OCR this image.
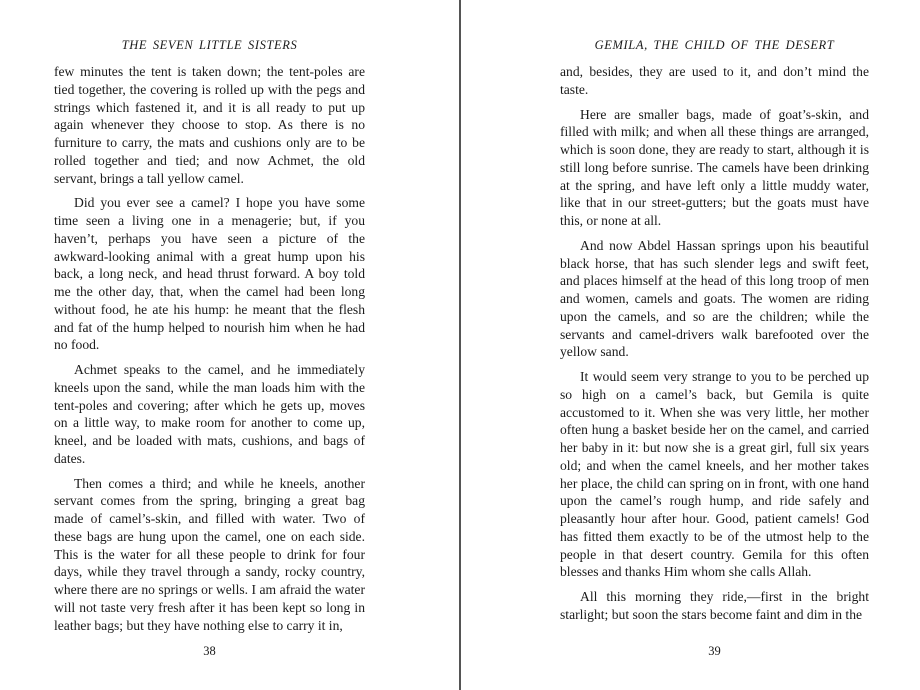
THE SEVEN LITTLE SISTERS

few minutes the tent is taken down; the tent-poles are tied together, the covering is rolled up with the pegs and strings which fastened it, and it is all ready to put up again whenever they choose to stop. As there is no furniture to carry, the mats and cushions only are to be rolled together and tied; and now Achmet, the old servant, brings a tall yellow camel.

Did you ever see a camel? I hope you have some time seen a living one in a menagerie; but, if you haven’t, perhaps you have seen a picture of the awkward-looking animal with a great hump upon his back, a long neck, and head thrust forward. A boy told me the other day, that, when the camel had been long without food, he ate his hump: he meant that the flesh and fat of the hump helped to nourish him when he had no food.

Achmet speaks to the camel, and he immediately kneels upon the sand, while the man loads him with the tent-poles and covering; after which he gets up, moves on a little way, to make room for another to come up, kneel, and be loaded with mats, cushions, and bags of dates.

Then comes a third; and while he kneels, another servant comes from the spring, bringing a great bag made of camel’s-skin, and filled with water. Two of these bags are hung upon the camel, one on each side. This is the water for all these people to drink for four days, while they travel through a sandy, rocky country, where there are no springs or wells. I am afraid the water will not taste very fresh after it has been kept so long in leather bags; but they have nothing else to carry it in,

38
GEMILA, THE CHILD OF THE DESERT

and, besides, they are used to it, and don’t mind the taste.

Here are smaller bags, made of goat’s-skin, and filled with milk; and when all these things are arranged, which is soon done, they are ready to start, although it is still long before sunrise. The camels have been drinking at the spring, and have left only a little muddy water, like that in our street-gutters; but the goats must have this, or none at all.

And now Abdel Hassan springs upon his beautiful black horse, that has such slender legs and swift feet, and places himself at the head of this long troop of men and women, camels and goats. The women are riding upon the camels, and so are the children; while the servants and camel-drivers walk barefooted over the yellow sand.

It would seem very strange to you to be perched up so high on a camel’s back, but Gemila is quite accustomed to it. When she was very little, her mother often hung a basket beside her on the camel, and carried her baby in it: but now she is a great girl, full six years old; and when the camel kneels, and her mother takes her place, the child can spring on in front, with one hand upon the camel’s rough hump, and ride safely and pleasantly hour after hour. Good, patient camels! God has fitted them exactly to be of the utmost help to the people in that desert country. Gemila for this often blesses and thanks Him whom she calls Allah.

All this morning they ride,—first in the bright starlight; but soon the stars become faint and dim in the

39
